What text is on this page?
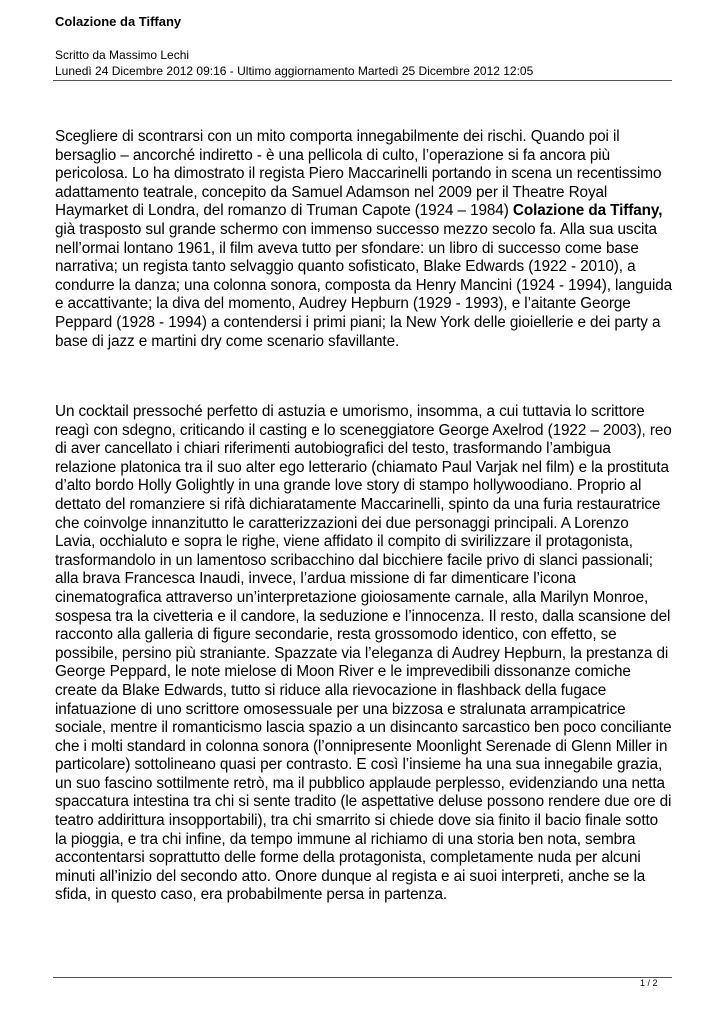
Colazione da Tiffany
Scritto da Massimo Lechi
Lunedì 24 Dicembre 2012 09:16 - Ultimo aggiornamento Martedì 25 Dicembre 2012 12:05
Scegliere di scontrarsi con un mito comporta innegabilmente dei rischi. Quando poi il bersaglio – ancorché indiretto - è una pellicola di culto, l’operazione si fa ancora più pericolosa. Lo ha dimostrato il regista Piero Maccarinelli portando in scena un recentissimo adattamento teatrale, concepito da Samuel Adamson nel 2009 per il Theatre Royal Haymarket di Londra, del romanzo di Truman Capote (1924 – 1984) Colazione da Tiffany, già trasposto sul grande schermo con immenso successo mezzo secolo fa. Alla sua uscita nell’ormai lontano 1961, il film aveva tutto per sfondare: un libro di successo come base narrativa; un regista tanto selvaggio quanto sofisticato, Blake Edwards (1922 - 2010), a condurre la danza; una colonna sonora, composta da Henry Mancini (1924 - 1994), languida e accattivante; la diva del momento, Audrey Hepburn (1929 - 1993), e l’aitante George Peppard (1928 - 1994) a contendersi i primi piani; la New York delle gioiellerie e dei party a base di jazz e martini dry come scenario sfavillante.
Un cocktail pressoché perfetto di astuzia e umorismo, insomma, a cui tuttavia lo scrittore reagì con sdegno, criticando il casting e lo sceneggiatore George Axelrod (1922 – 2003), reo di aver cancellato i chiari riferimenti autobiografici del testo, trasformando l’ambigua relazione platonica tra il suo alter ego letterario (chiamato Paul Varjak nel film) e la prostituta d’alto bordo Holly Golightly in una grande love story di stampo hollywoodiano. Proprio al dettato del romanziere si rifà dichiaratamente Maccarinelli, spinto da una furia restauratrice che coinvolge innanzitutto le caratterizzazioni dei due personaggi principali. A Lorenzo Lavia, occhialuto e sopra le righe, viene affidato il compito di svirilizzare il protagonista, trasformandolo in un lamentoso scribacchino dal bicchiere facile privo di slanci passionali; alla brava Francesca Inaudi, invece, l’ardua missione di far dimenticare l’icona cinematografica attraverso un’interpretazione gioiosamente carnale, alla Marilyn Monroe, sospesa tra la civetteria e il candore, la seduzione e l’innocenza. Il resto, dalla scansione del racconto alla galleria di figure secondarie, resta grossomodo identico, con effetto, se possibile, persino più straniante. Spazzate via l’eleganza di Audrey Hepburn, la prestanza di George Peppard, le note mielose di Moon River e le imprevedibili dissonanze comiche create da Blake Edwards, tutto si riduce alla rievocazione in flashback della fugace infatuazione di uno scrittore omosessuale per una bizzosa e stralunata arrampicatrice sociale, mentre il romanticismo lascia spazio a un disincanto sarcastico ben poco conciliante che i molti standard in colonna sonora (l’onnipresente Moonlight Serenade di Glenn Miller in particolare) sottolineano quasi per contrasto. E così l’insieme ha una sua innegabile grazia, un suo fascino sottilmente retrò, ma il pubblico applaude perplesso, evidenziando una netta spaccatura intestina tra chi si sente tradito (le aspettative deluse possono rendere due ore di teatro addirittura insopportabili), tra chi smarrito si chiede dove sia finito il bacio finale sotto la pioggia, e tra chi infine, da tempo immune al richiamo di una storia ben nota, sembra accontentarsi soprattutto delle forme della protagonista, completamente nuda per alcuni minuti all’inizio del secondo atto. Onore dunque al regista e ai suoi interpreti, anche se la sfida, in questo caso, era probabilmente persa in partenza.
1 / 2
